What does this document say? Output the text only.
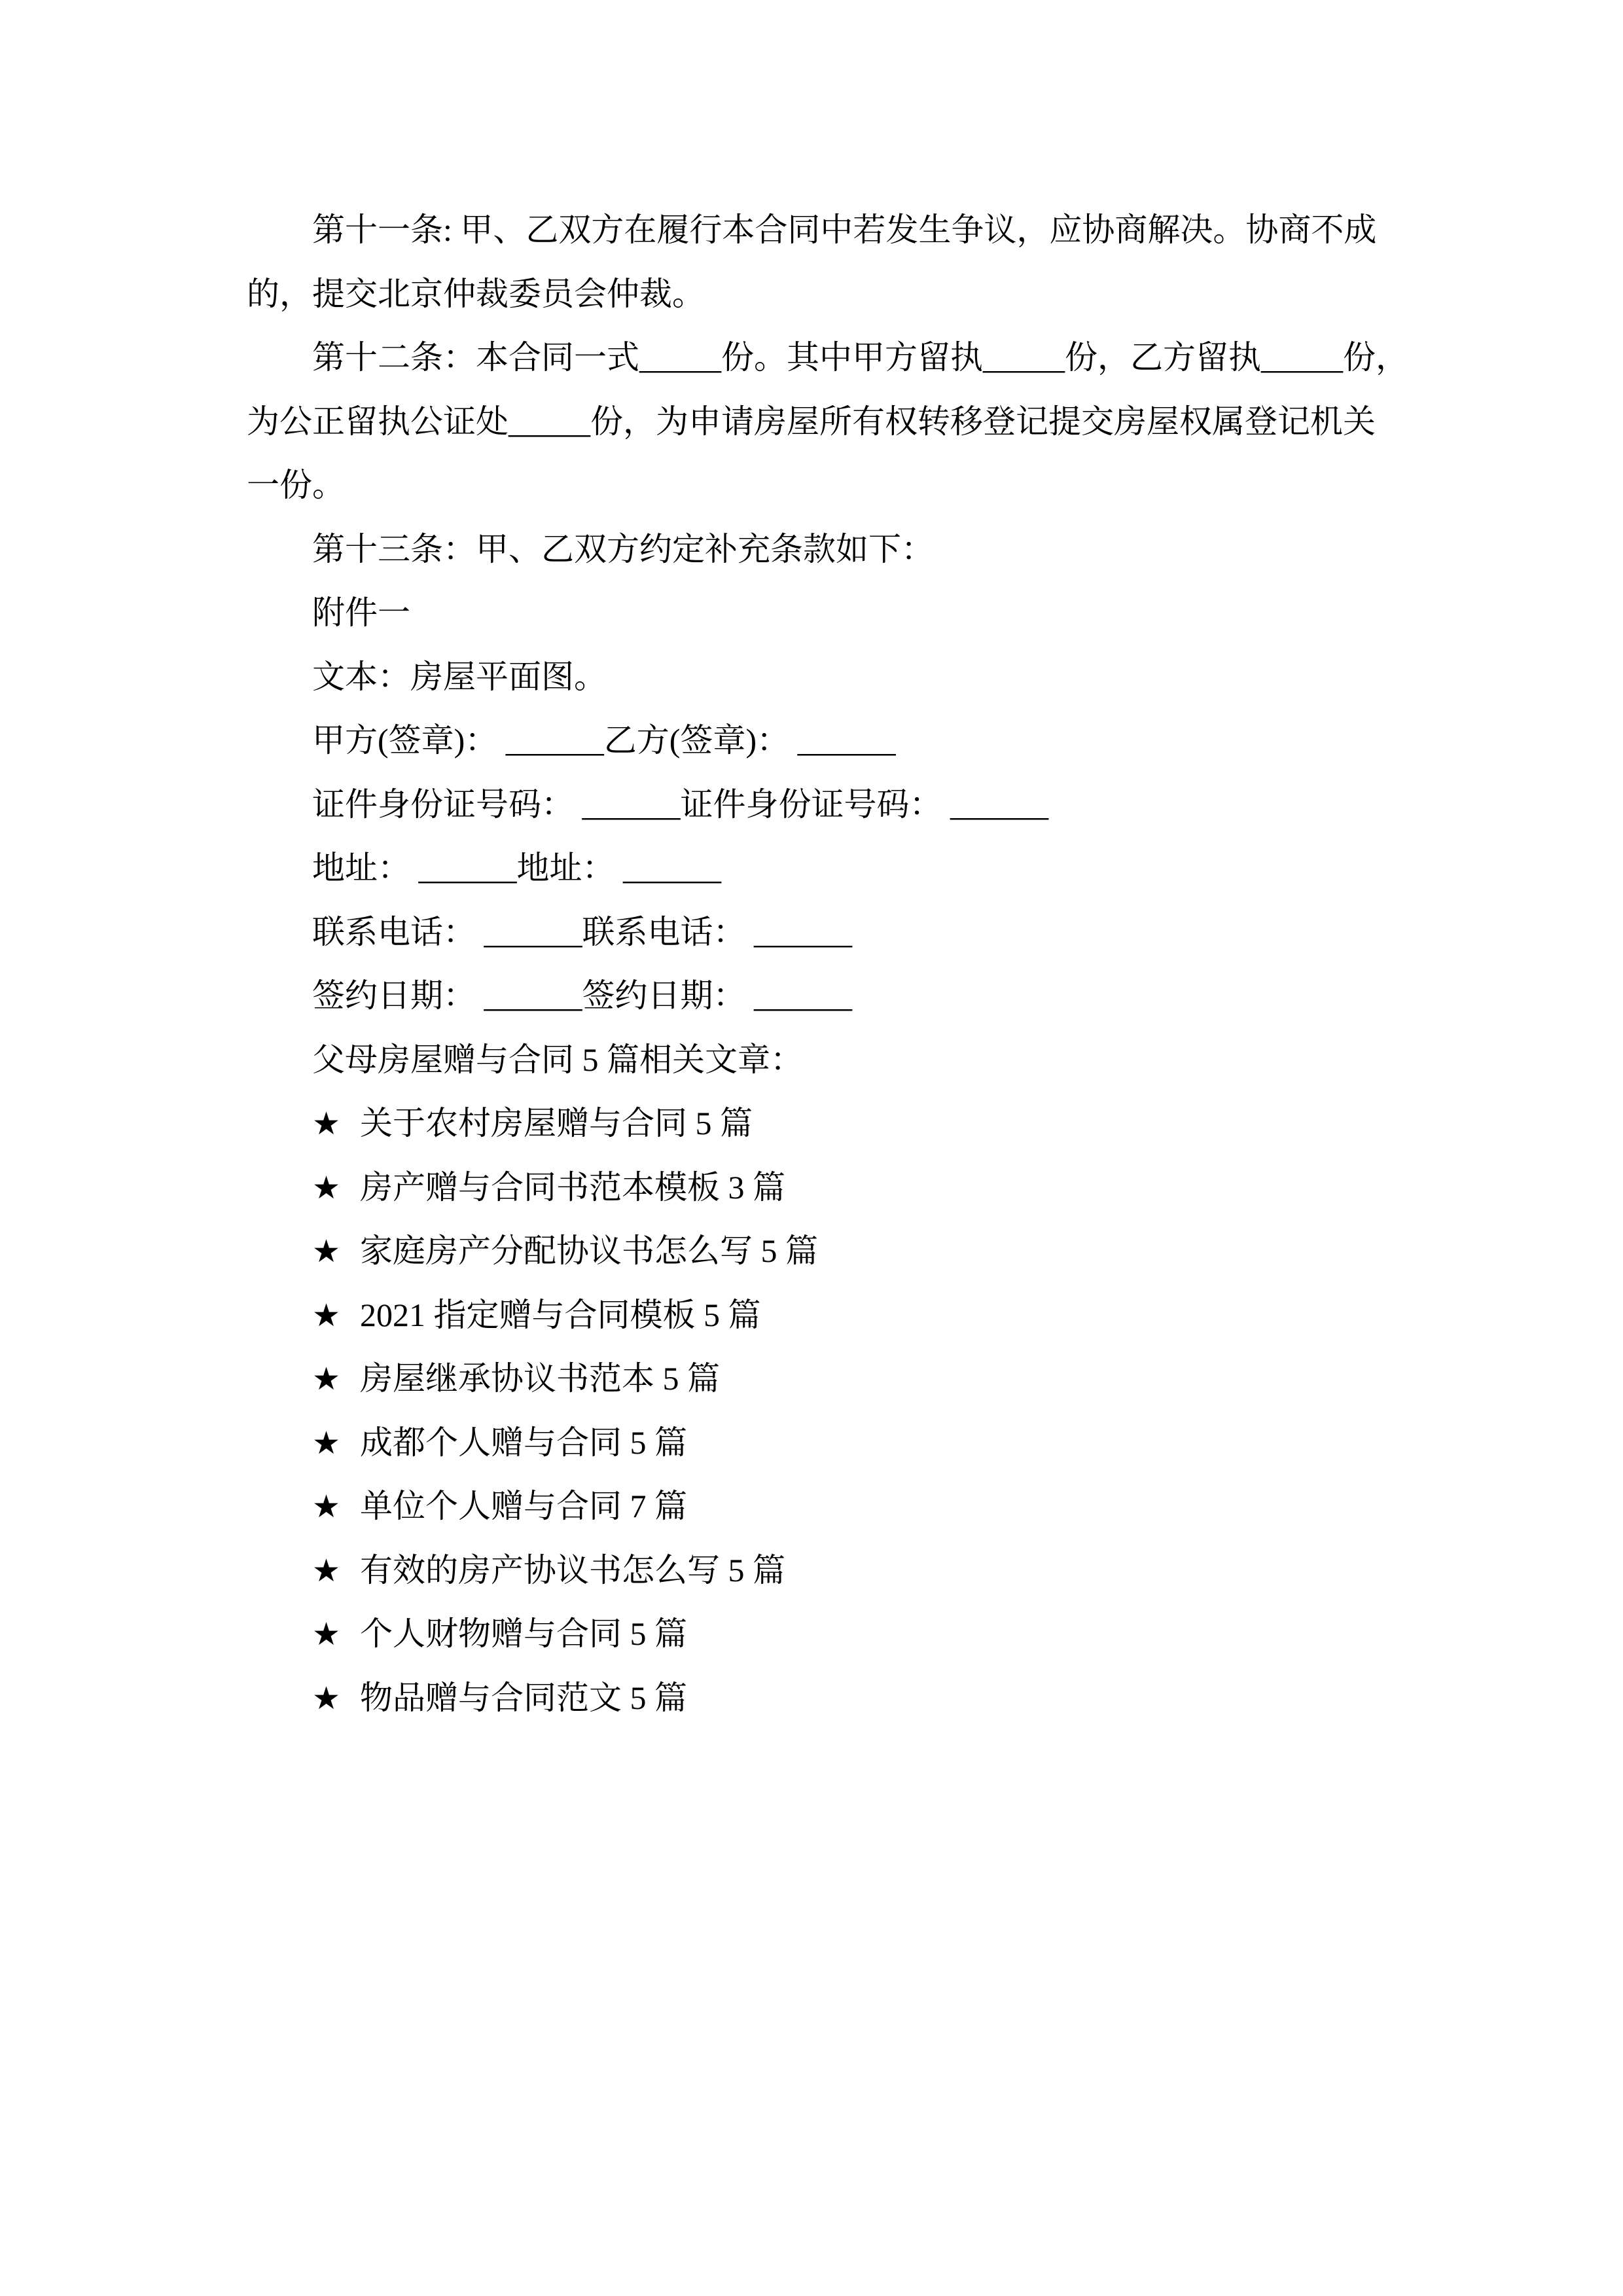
第十一条: 甲、乙双方在履行本合同中若发生争议，应协商解决。协商不成
的，提交北京仲裁委员会仲裁。
第十二条：本合同一式_____份。其中甲方留执_____份，乙方留执_____份，
为公正留执公证处_____份，为申请房屋所有权转移登记提交房屋权属登记机关
一份。
第十三条：甲、乙双方约定补充条款如下：
附件一
文本：房屋平面图。
甲方(签章)： ______乙方(签章)： ______
证件身份证号码： ______证件身份证号码： ______
地址： ______地址： ______
联系电话： ______联系电话： ______
签约日期： ______签约日期： ______
父母房屋赠与合同 5 篇相关文章：
★ 关于农村房屋赠与合同 5 篇
★ 房产赠与合同书范本模板 3 篇
★ 家庭房产分配协议书怎么写 5 篇
★ 2021 指定赠与合同模板 5 篇
★ 房屋继承协议书范本 5 篇
★ 成都个人赠与合同 5 篇
★ 单位个人赠与合同 7 篇
★ 有效的房产协议书怎么写 5 篇
★ 个人财物赠与合同 5 篇
★ 物品赠与合同范文 5 篇
